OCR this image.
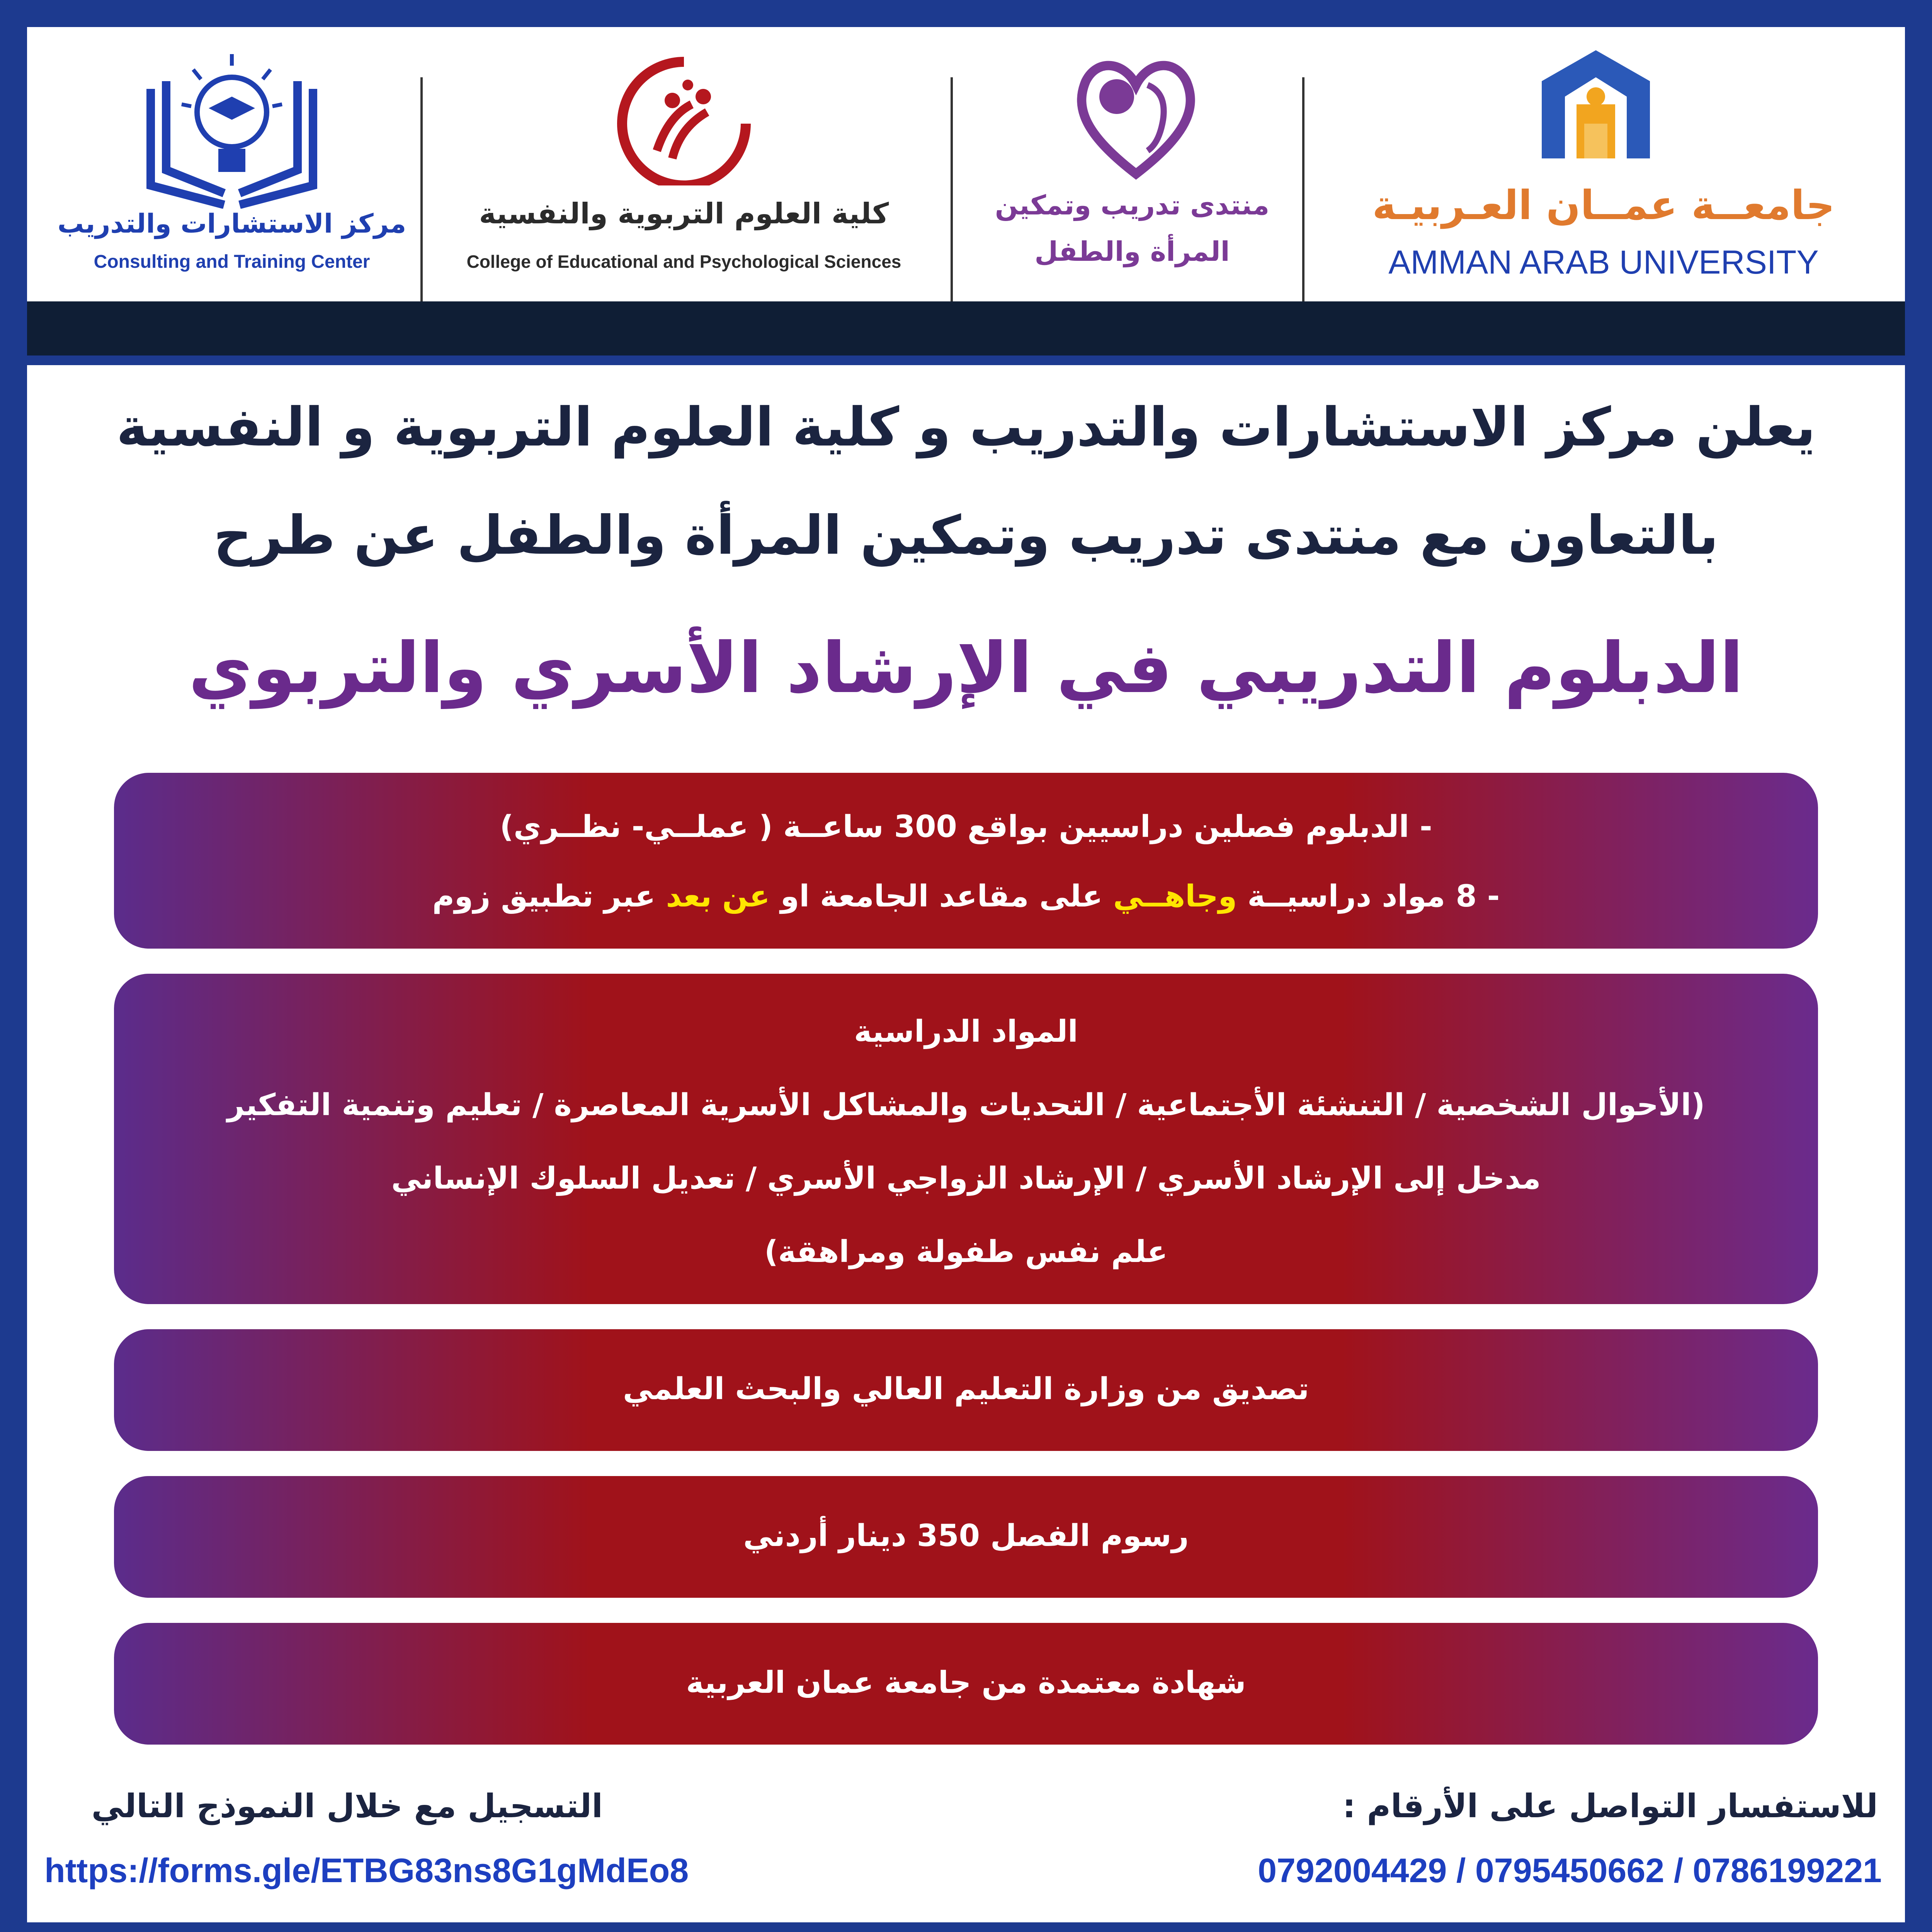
مركز الاستشارات والتدريب
Consulting and Training Center
كلية العلوم التربوية والنفسية
College of Educational and Psychological Sciences
منتدى تدريب وتمكين
المرأة والطفل
جامعــة عمــان العـربيـة
AMMAN ARAB UNIVERSITY
يعلن مركز الاستشارات والتدريب و كلية العلوم التربوية و النفسية
بالتعاون مع منتدى تدريب وتمكين المرأة والطفل عن طرح
الدبلوم التدريبي في الإرشاد الأسري والتربوي
- الدبلوم فصلين دراسيين بواقع 300 ساعــة ( عملــي- نظــري)
- 8 مواد دراسيــة وجاهــي على مقاعد الجامعة او عن بعد عبر تطبيق زوم
المواد الدراسية
(الأحوال الشخصية / التنشئة الأجتماعية / التحديات والمشاكل الأسرية المعاصرة / تعليم وتنمية التفكير
مدخل إلى الإرشاد الأسري / الإرشاد الزواجي الأسري / تعديل السلوك الإنساني
علم نفس طفولة ومراهقة)
تصديق من وزارة التعليم العالي والبحث العلمي
رسوم الفصل 350 دينار أردني
شهادة معتمدة من جامعة عمان العربية
للاستفسار التواصل على الأرقام :
0792004429 / 0795450662 / 0786199221
التسجيل مع خلال النموذج التالي
https://forms.gle/ETBG83ns8G1gMdEo8
